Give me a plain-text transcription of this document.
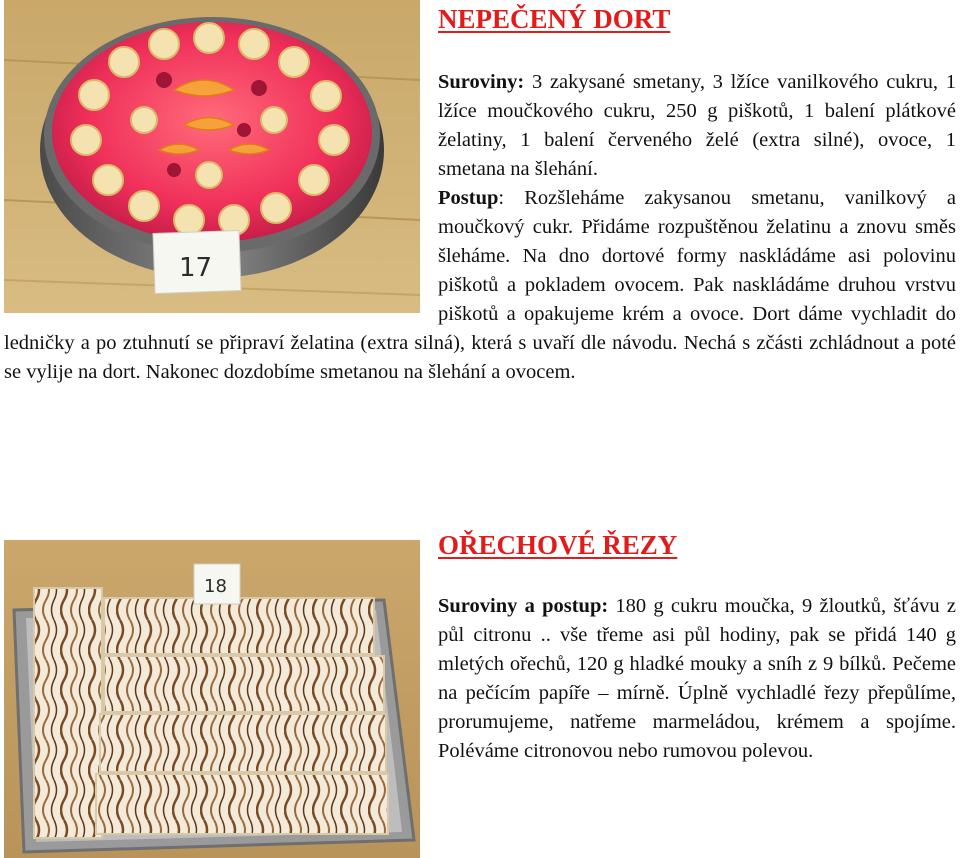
17
NEPEČENÝ DORT

Suroviny: 3 zakysané smetany, 3 lžíce vanilkového cukru, 1 lžíce moučkového cukru, 250 g piškotů, 1 balení plátkové želatiny, 1 balení červeného želé (extra silné), ovoce, 1 smetana na šlehání.
Postup: Rozšleháme zakysanou smetanu, vanilkový a moučkový cukr. Přidáme rozpuštěnou želatinu a znovu směs šleháme. Na dno dortové formy naskládáme asi polovinu piškotů a pokladem ovocem. Pak naskládáme druhou vrstvu piškotů a opakujeme krém a ovoce. Dort dáme vychladit do ledničky a po ztuhnutí se připraví želatina (extra silná), která s uvaří dle návodu. Nechá s zčásti zchládnout a poté se vylije na dort. Nakonec dozdobíme smetanou na šlehání a ovocem.

18
OŘECHOVÉ ŘEZY

Suroviny a postup: 180 g cukru moučka, 9 žloutků, šťávu z půl citronu .. vše třeme asi půl hodiny, pak se přidá 140 g mletých ořechů, 120 g hladké mouky a sníh z 9 bílků. Pečeme na pečícím papíře – mírně. Úplně vychladlé řezy přepůlíme, prorumujeme, natřeme marmeládou, krémem a spojíme. Poléváme citronovou nebo rumovou polevou.
